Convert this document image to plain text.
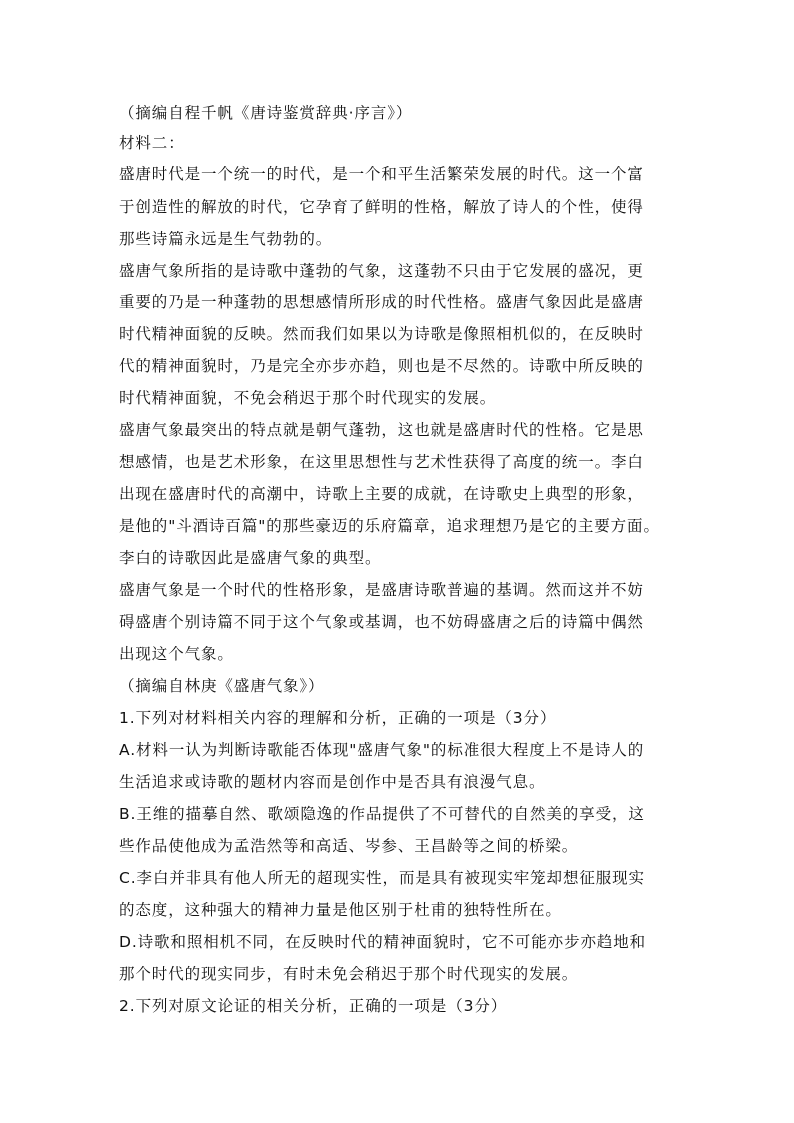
（摘编自程千帆《唐诗鉴赏辞典·序言》）
材料二：
盛唐时代是一个统一的时代，是一个和平生活繁荣发展的时代。这一个富
于创造性的解放的时代，它孕育了鲜明的性格，解放了诗人的个性，使得
那些诗篇永远是生气勃勃的。
盛唐气象所指的是诗歌中蓬勃的气象，这蓬勃不只由于它发展的盛况，更
重要的乃是一种蓬勃的思想感情所形成的时代性格。盛唐气象因此是盛唐
时代精神面貌的反映。然而我们如果以为诗歌是像照相机似的，在反映时
代的精神面貌时，乃是完全亦步亦趋，则也是不尽然的。诗歌中所反映的
时代精神面貌，不免会稍迟于那个时代现实的发展。
盛唐气象最突出的特点就是朝气蓬勃，这也就是盛唐时代的性格。它是思
想感情，也是艺术形象，在这里思想性与艺术性获得了高度的统一。李白
出现在盛唐时代的高潮中，诗歌上主要的成就，在诗歌史上典型的形象，
是他的"斗酒诗百篇"的那些豪迈的乐府篇章，追求理想乃是它的主要方面。
李白的诗歌因此是盛唐气象的典型。
盛唐气象是一个时代的性格形象，是盛唐诗歌普遍的基调。然而这并不妨
碍盛唐个别诗篇不同于这个气象或基调，也不妨碍盛唐之后的诗篇中偶然
出现这个气象。
（摘编自林庚《盛唐气象》）
1.下列对材料相关内容的理解和分析，正确的一项是（3分）
A.材料一认为判断诗歌能否体现"盛唐气象"的标准很大程度上不是诗人的
生活追求或诗歌的题材内容而是创作中是否具有浪漫气息。
B.王维的描摹自然、歌颂隐逸的作品提供了不可替代的自然美的享受，这
些作品使他成为孟浩然等和高适、岑参、王昌龄等之间的桥梁。
C.李白并非具有他人所无的超现实性，而是具有被现实牢笼却想征服现实
的态度，这种强大的精神力量是他区别于杜甫的独特性所在。
D.诗歌和照相机不同，在反映时代的精神面貌时，它不可能亦步亦趋地和
那个时代的现实同步，有时未免会稍迟于那个时代现实的发展。
2.下列对原文论证的相关分析，正确的一项是（3分）
